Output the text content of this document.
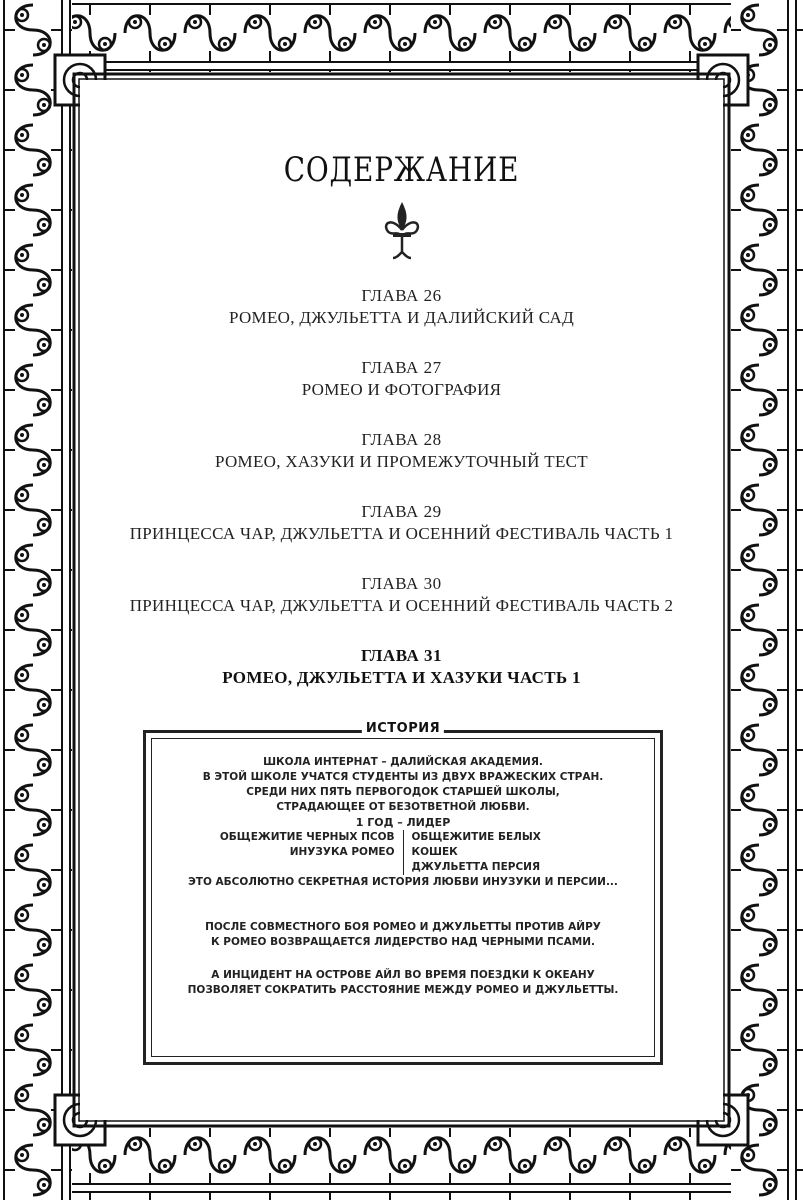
СОДЕРЖАНИЕ
ГЛАВА 26
РОМЕО, ДЖУЛЬЕТТА И ДАЛИЙСКИЙ САД
ГЛАВА 27
РОМЕО И ФОТОГРАФИЯ
ГЛАВА 28
РОМЕО, ХАЗУКИ И ПРОМЕЖУТОЧНЫЙ ТЕСТ
ГЛАВА 29
ПРИНЦЕССА ЧАР, ДЖУЛЬЕТТА И ОСЕННИЙ ФЕСТИВАЛЬ ЧАСТЬ 1
ГЛАВА 30
ПРИНЦЕССА ЧАР, ДЖУЛЬЕТТА И ОСЕННИЙ ФЕСТИВАЛЬ ЧАСТЬ 2
ГЛАВА 31
РОМЕО, ДЖУЛЬЕТТА И ХАЗУКИ ЧАСТЬ 1
ИСТОРИЯ
ШКОЛА ИНТЕРНАТ – ДАЛИЙСКАЯ АКАДЕМИЯ.
В ЭТОЙ ШКОЛЕ УЧАТСЯ СТУДЕНТЫ ИЗ ДВУХ ВРАЖЕСКИХ СТРАН.
СРЕДИ НИХ ПЯТЬ ПЕРВОГОДОК СТАРШЕЙ ШКОЛЫ,
СТРАДАЮЩЕЕ ОТ БЕЗОТВЕТНОЙ ЛЮБВИ.
1 ГОД – ЛИДЕР
ОБЩЕЖИТИЕ ЧЕРНЫХ ПСОВ
ИНУЗУКА РОМЕО
ОБЩЕЖИТИЕ БЕЛЫХ КОШЕК
ДЖУЛЬЕТТА ПЕРСИЯ
ЭТО АБСОЛЮТНО СЕКРЕТНАЯ ИСТОРИЯ ЛЮБВИ ИНУЗУКИ И ПЕРСИИ...
ПОСЛЕ СОВМЕСТНОГО БОЯ РОМЕО И ДЖУЛЬЕТТЫ ПРОТИВ АЙРУ
К РОМЕО ВОЗВРАЩАЕТСЯ ЛИДЕРСТВО НАД ЧЕРНЫМИ ПСАМИ.
А ИНЦИДЕНТ НА ОСТРОВЕ АЙЛ ВО ВРЕМЯ ПОЕЗДКИ К ОКЕАНУ
ПОЗВОЛЯЕТ СОКРАТИТЬ РАССТОЯНИЕ МЕЖДУ РОМЕО И ДЖУЛЬЕТТЫ.
